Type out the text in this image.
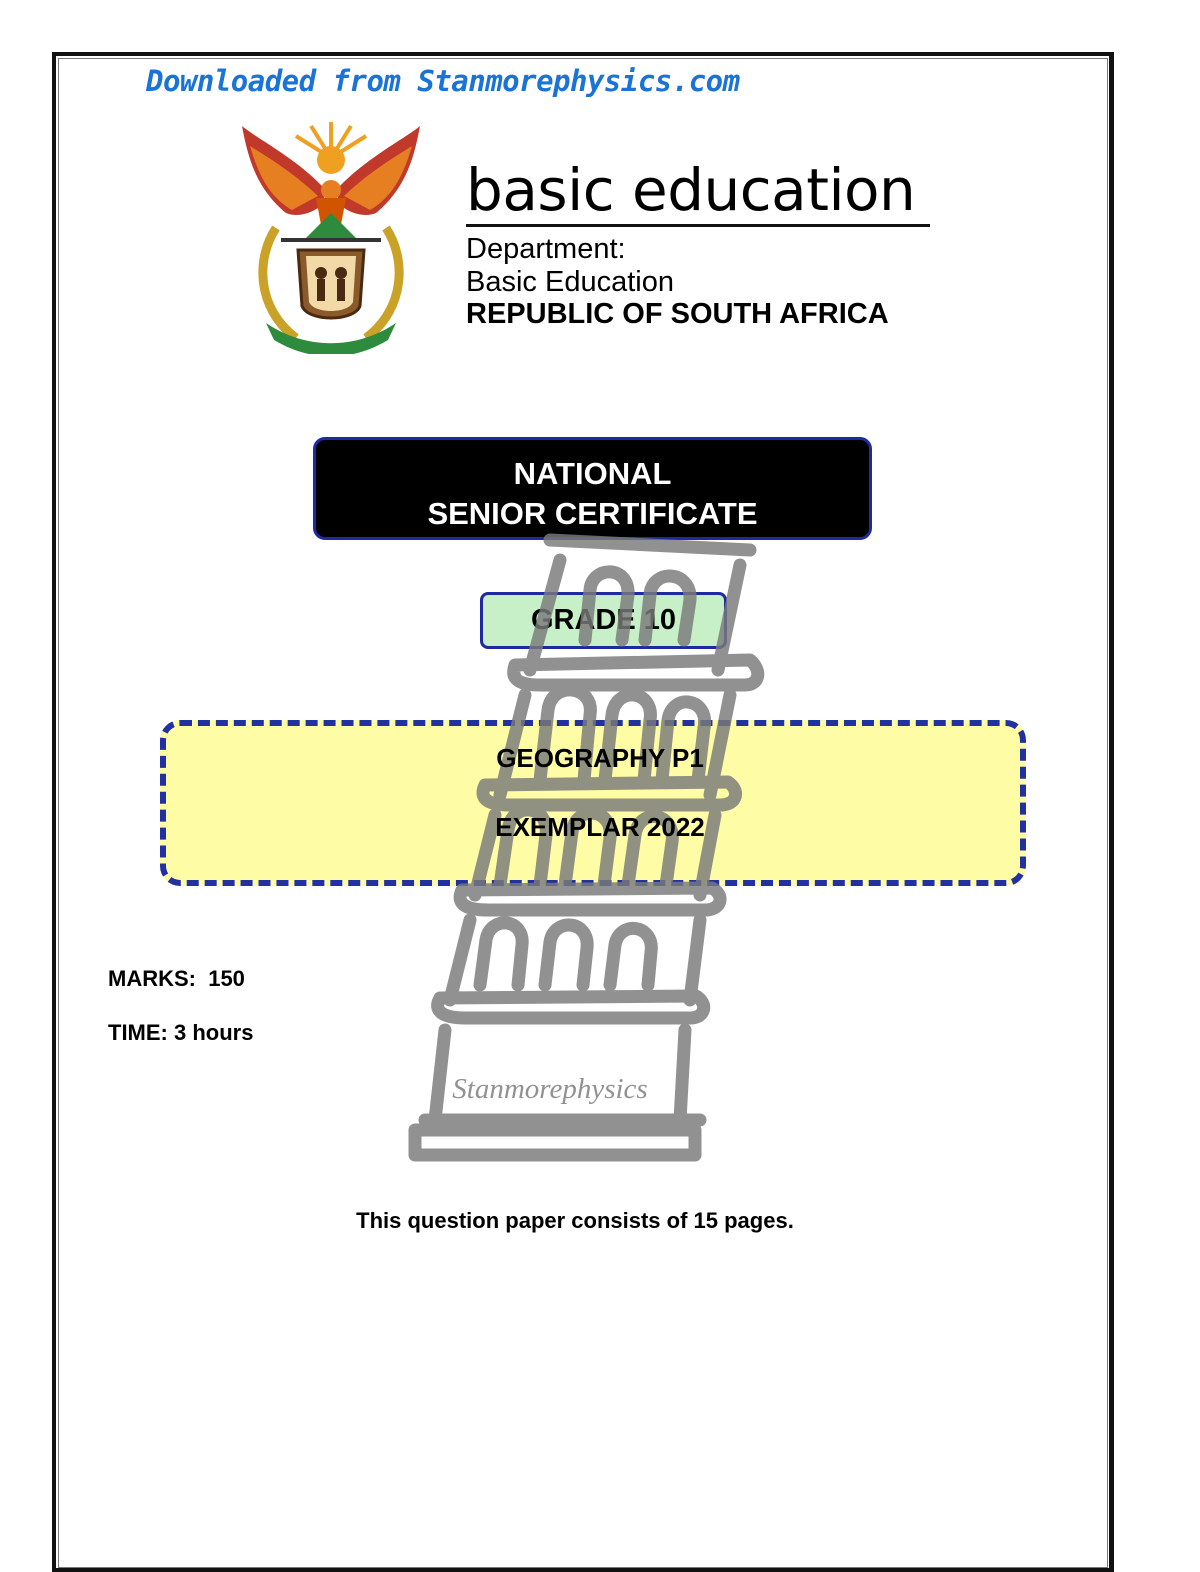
Downloaded from Stanmorephysics.com
basic education
Department:
Basic Education
REPUBLIC OF SOUTH AFRICA
NATIONAL
SENIOR CERTIFICATE
GRADE 10
Stanmorephysics
GEOGRAPHY P1
EXEMPLAR 2022
MARKS:  150
TIME: 3 hours
This question paper consists of 15 pages.
